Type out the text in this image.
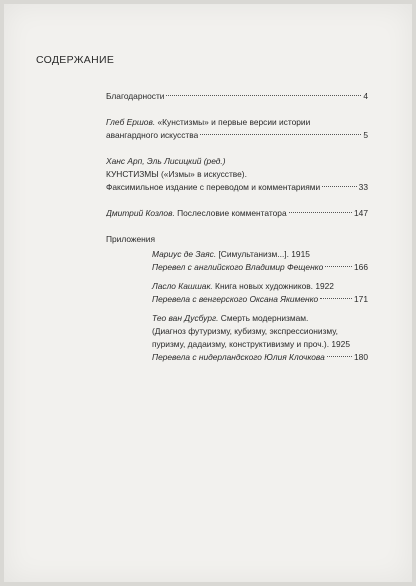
СОДЕРЖАНИЕ
Благодарности	4
Глеб Ершов. «Кунстизмы» и первые версии истории
авангардного искусства	5
Ханс Арп, Эль Лисицкий (ред.)
КУНСТИЗМЫ («Измы» в искусстве).
Факсимильное издание с переводом и комментариями	33
Дмитрий Козлов. Послесловие комментатора	147
Приложения
Мариус де Заяс. [Симультанизм...]. 1915
Перевел с английского Владимир Фещенко	166
Ласло Кашшак. Книга новых художников. 1922
Перевела с венгерского Оксана Якименко	171
Тео ван Дусбург. Смерть модернизмам.
(Диагноз футуризму, кубизму, экспрессионизму,
пуризму, дадаизму, конструктивизму и проч.). 1925
Перевела с нидерландского Юлия Клочкова	180
